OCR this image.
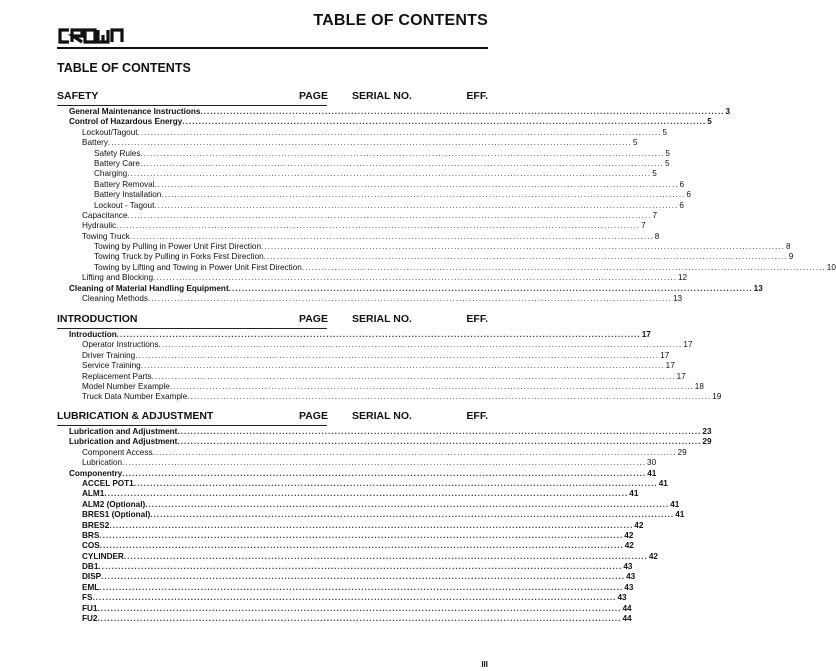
TABLE OF CONTENTS
TABLE OF CONTENTS
SAFETY	PAGE SERIAL NO.	EFF.
General Maintenance Instructions ................................................................................................................................................................ 3
Control of Hazardous Energy ................................................................................................................................................................ 5
Lockout/Tagout ................................................................................................................................................................ 5
Battery ................................................................................................................................................................ 5
Safety Rules ................................................................................................................................................................ 5
Battery Care ................................................................................................................................................................ 5
Charging ................................................................................................................................................................ 5
Battery Removal ................................................................................................................................................................ 6
Battery Installation ................................................................................................................................................................ 6
Lockout - Tagout ................................................................................................................................................................ 6
Capacitance ................................................................................................................................................................ 7
Hydraulic ................................................................................................................................................................ 7
Towing Truck ................................................................................................................................................................ 8
Towing by Pulling in Power Unit First Direction ................................................................................................................................................................ 8
Towing Truck by Pulling in Forks First Direction ................................................................................................................................................................ 9
Towing by Lifting and Towing in Power Unit First Direction ................................................................................................................................................................ 10
Lifting and Blocking ................................................................................................................................................................ 12
Cleaning of Material Handling Equipment ................................................................................................................................................................ 13
Cleaning Methods ................................................................................................................................................................ 13
INTRODUCTION	PAGE SERIAL NO.	EFF.
Introduction ................................................................................................................................................................ 17
Operator Instructions ................................................................................................................................................................ 17
Driver Training ................................................................................................................................................................ 17
Service Training ................................................................................................................................................................ 17
Replacement Parts ................................................................................................................................................................ 17
Model Number Example ................................................................................................................................................................ 18
Truck Data Number Example ................................................................................................................................................................ 19
LUBRICATION & ADJUSTMENT	PAGE SERIAL NO.	EFF.
Lubrication and Adjustment ................................................................................................................................................................ 23
Lubrication and Adjustment ................................................................................................................................................................ 29
Component Access ................................................................................................................................................................ 29
Lubrication ................................................................................................................................................................ 30
Componentry ................................................................................................................................................................ 41
ACCEL POT1 ................................................................................................................................................................ 41
ALM1 ................................................................................................................................................................ 41
ALM2 (Optional) ................................................................................................................................................................ 41
BRES1 (Optional) ................................................................................................................................................................ 41
BRES2 ................................................................................................................................................................ 42
BRS ................................................................................................................................................................ 42
COS ................................................................................................................................................................ 42
CYLINDER ................................................................................................................................................................ 42
DB1 ................................................................................................................................................................ 43
DISP ................................................................................................................................................................ 43
EML ................................................................................................................................................................ 43
FS ................................................................................................................................................................ 43
FU1 ................................................................................................................................................................ 44
FU2 ................................................................................................................................................................ 44
III
